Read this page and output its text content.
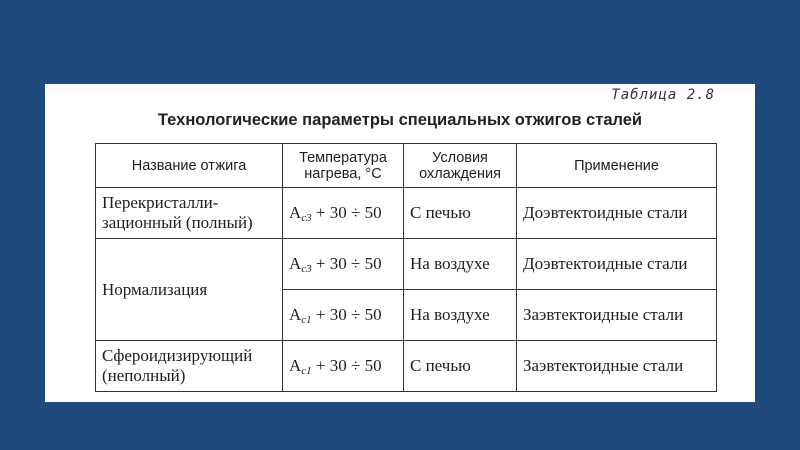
Таблица 2.8
Технологические параметры специальных отжигов сталей
Название отжига	Температура нагрева, °С	Условия охлаждения	Применение
Перекристалли-зационный (полный)	$A_{c3} + 30 \div 50$	С печью	Доэвтектоидные стали
Нормализация	$A_{c3} + 30 \div 50$	На воздухе	Доэвтектоидные стали
	$A_{c1} + 30 \div 50$	На воздухе	Заэвтектоидные стали
Сфероидизирующий (неполный)	$A_{c1} + 30 \div 50$	С печью	Заэвтектоидные стали
